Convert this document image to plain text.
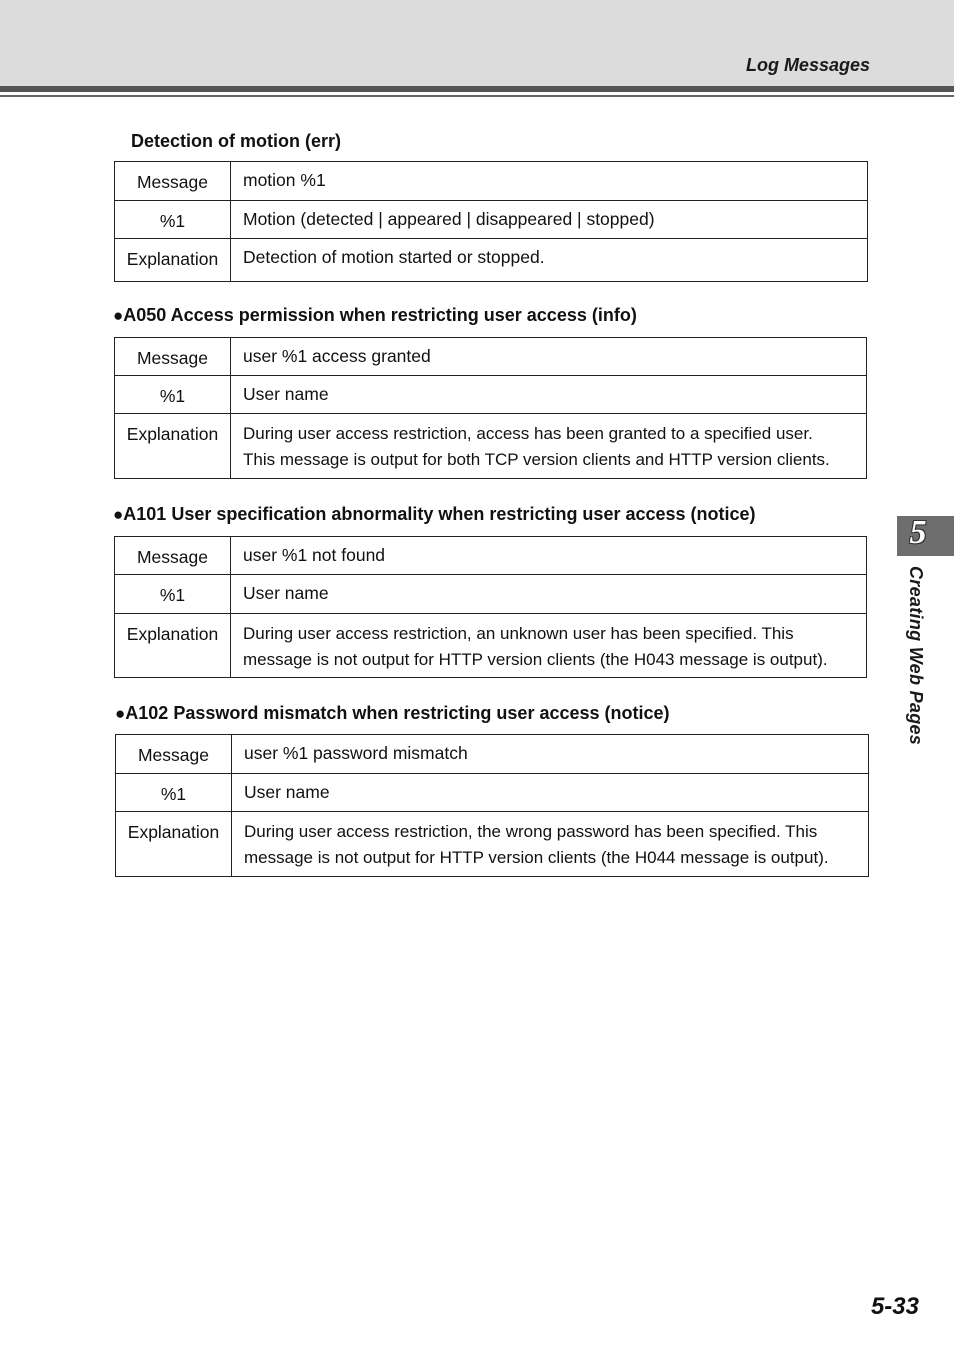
Log Messages
5
Creating Web Pages
Detection of motion (err)
Message	motion %1

%1	Motion (detected | appeared | disappeared | stopped)

Explanation	Detection of motion started or stopped.
●A050 Access permission when restricting user access (info)
Message	user %1 access granted

%1	User name

Explanation	During user access restriction, access has been granted to a specified user.
This message is output for both TCP version clients and HTTP version clients.
●A101 User specification abnormality when restricting user access (notice)
Message	user %1 not found

%1	User name

Explanation	During user access restriction, an unknown user has been specified. This
message is not output for HTTP version clients (the H043 message is output).
●A102 Password mismatch when restricting user access (notice)
Message	user %1 password mismatch

%1	User name

Explanation	During user access restriction, the wrong password has been specified. This
message is not output for HTTP version clients (the H044 message is output).
5-33
